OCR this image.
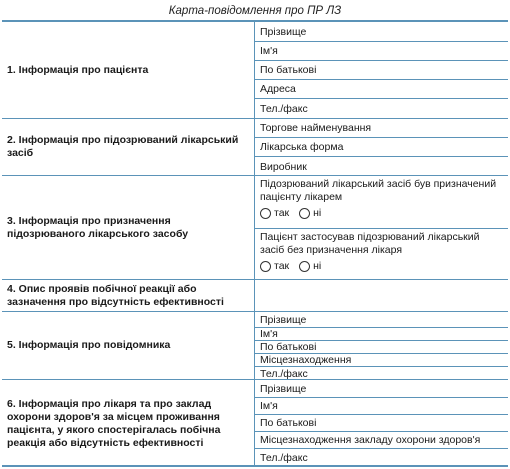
Карта-повідомлення про ПР ЛЗ
1. Інформація про пацієнта
Прізвище
Ім'я
По батькові
Адреса
Тел./факс
2. Інформація про підозрюваний лікарський засіб
Торгове найменування
Лікарська форма
Виробник
3. Інформація про призначення підозрюваного лікарського засобу
Підозрюваний лікарський засіб був призначений пацієнту лікарем
так ні
Пацієнт застосував підозрюваний лікарський засіб без призначення лікаря
так ні
4. Опис проявів побічної реакції або зазначення про відсутність ефективності
5. Інформація про повідомника
Прізвище
Ім'я
По батькові
Місцезнаходження
Тел./факс
6. Інформація про лікаря та про заклад охорони здоров'я за місцем проживання пацієнта, у якого спостерігалась побічна реакція або відсутність ефективності
Прізвище
Ім'я
По батькові
Місцезнаходження закладу охорони здоров'я
Тел./факс
